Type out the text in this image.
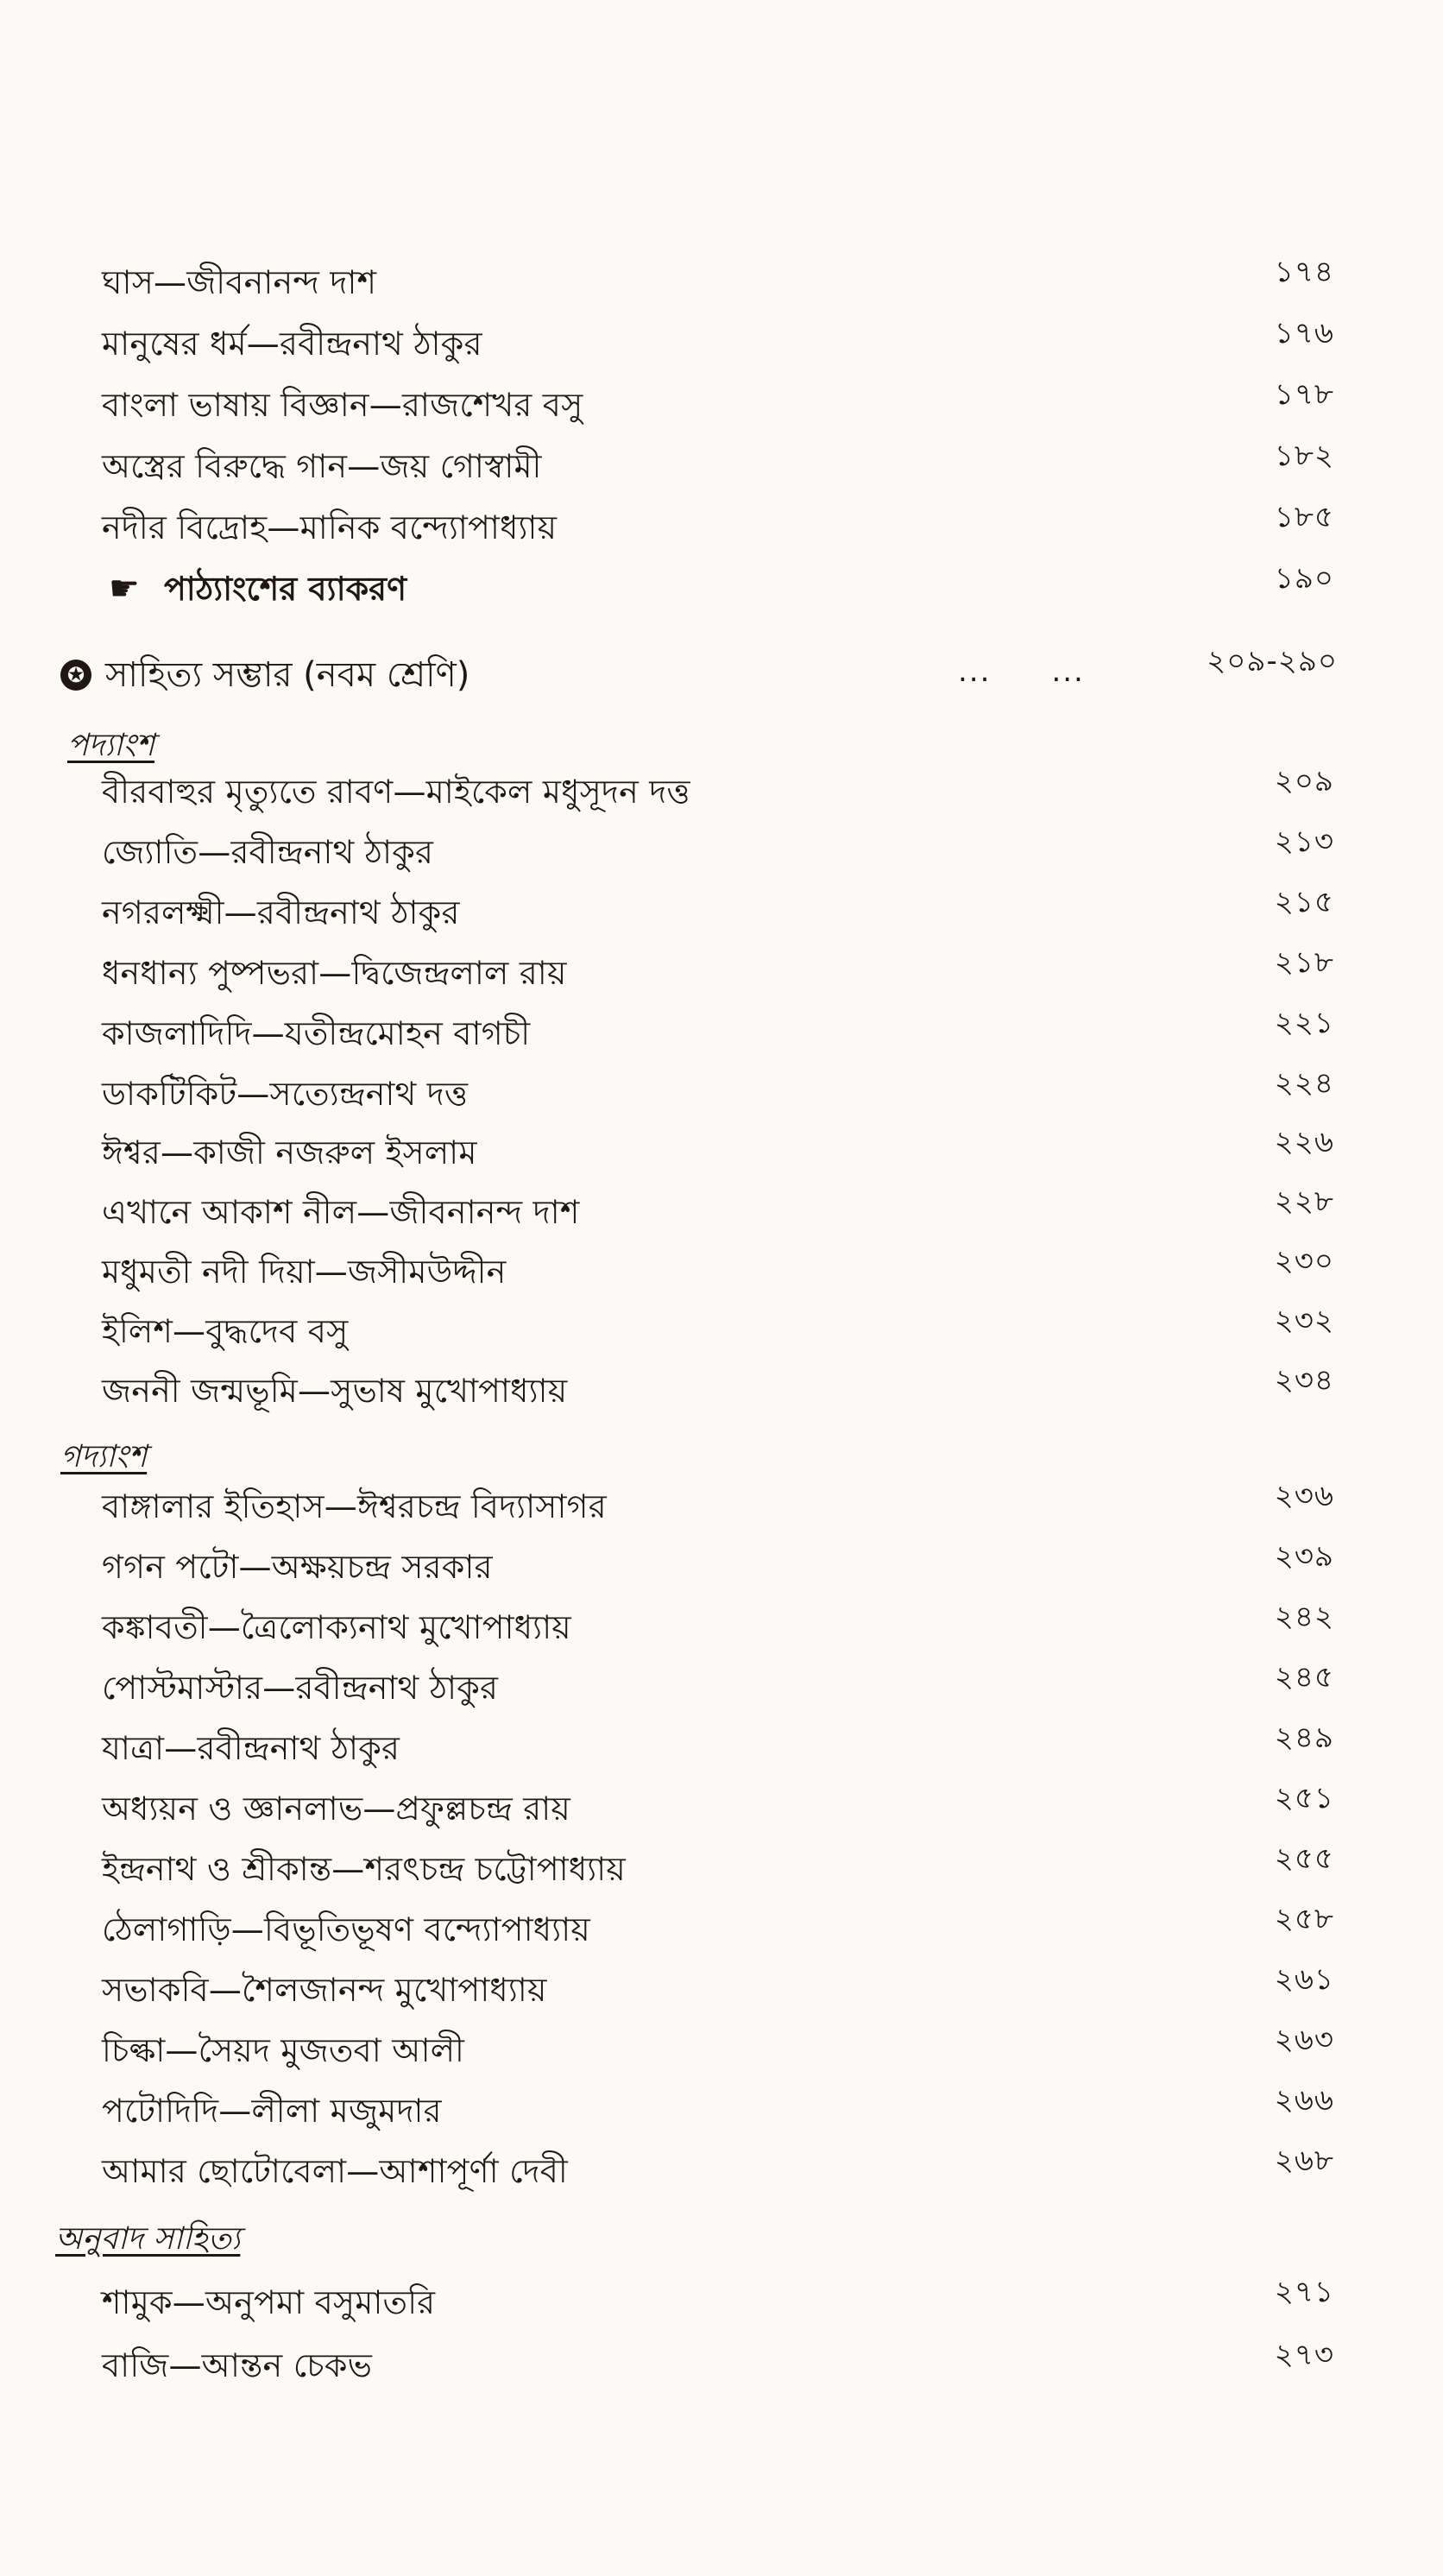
ঘাস—জীবনানন্দ দাশ	১৭৪
মানুষের ধর্ম—রবীন্দ্রনাথ ঠাকুর	১৭৬
বাংলা ভাষায় বিজ্ঞান—রাজশেখর বসু	১৭৮
অস্ত্রের বিরুদ্ধে গান—জয় গোস্বামী	১৮২
নদীর বিদ্রোহ—মানিক বন্দ্যোপাধ্যায়	১৮৫
☛ পাঠ্যাংশের ব্যাকরণ	১৯০
✪ সাহিত্য সম্ভার (নবম শ্রেণি)	... ...	২০৯-২৯০
পদ্যাংশ
বীরবাহুর মৃত্যুতে রাবণ—মাইকেল মধুসূদন দত্ত	২০৯
জ্যোতি—রবীন্দ্রনাথ ঠাকুর	২১৩
নগরলক্ষ্মী—রবীন্দ্রনাথ ঠাকুর	২১৫
ধনধান্য পুষ্পভরা—দ্বিজেন্দ্রলাল রায়	২১৮
কাজলাদিদি—যতীন্দ্রমোহন বাগচী	২২১
ডাকটিকিট—সত্যেন্দ্রনাথ দত্ত	২২৪
ঈশ্বর—কাজী নজরুল ইসলাম	২২৬
এখানে আকাশ নীল—জীবনানন্দ দাশ	২২৮
মধুমতী নদী দিয়া—জসীমউদ্দীন	২৩০
ইলিশ—বুদ্ধদেব বসু	২৩২
জননী জন্মভূমি—সুভাষ মুখোপাধ্যায়	২৩৪
গদ্যাংশ
বাঙ্গালার ইতিহাস—ঈশ্বরচন্দ্র বিদ্যাসাগর	২৩৬
গগন পটো—অক্ষয়চন্দ্র সরকার	২৩৯
কঙ্কাবতী—ত্রৈলোক্যনাথ মুখোপাধ্যায়	২৪২
পোস্টমাস্টার—রবীন্দ্রনাথ ঠাকুর	২৪৫
যাত্রা—রবীন্দ্রনাথ ঠাকুর	২৪৯
অধ্যয়ন ও জ্ঞানলাভ—প্রফুল্লচন্দ্র রায়	২৫১
ইন্দ্রনাথ ও শ্রীকান্ত—শরৎচন্দ্র চট্টোপাধ্যায়	২৫৫
ঠেলাগাড়ি—বিভূতিভূষণ বন্দ্যোপাধ্যায়	২৫৮
সভাকবি—শৈলজানন্দ মুখোপাধ্যায়	২৬১
চিল্কা—সৈয়দ মুজতবা আলী	২৬৩
পটোদিদি—লীলা মজুমদার	২৬৬
আমার ছোটোবেলা—আশাপূর্ণা দেবী	২৬৮
অনুবাদ সাহিত্য
শামুক—অনুপমা বসুমাতরি	২৭১
বাজি—আন্তন চেকভ	২৭৩
